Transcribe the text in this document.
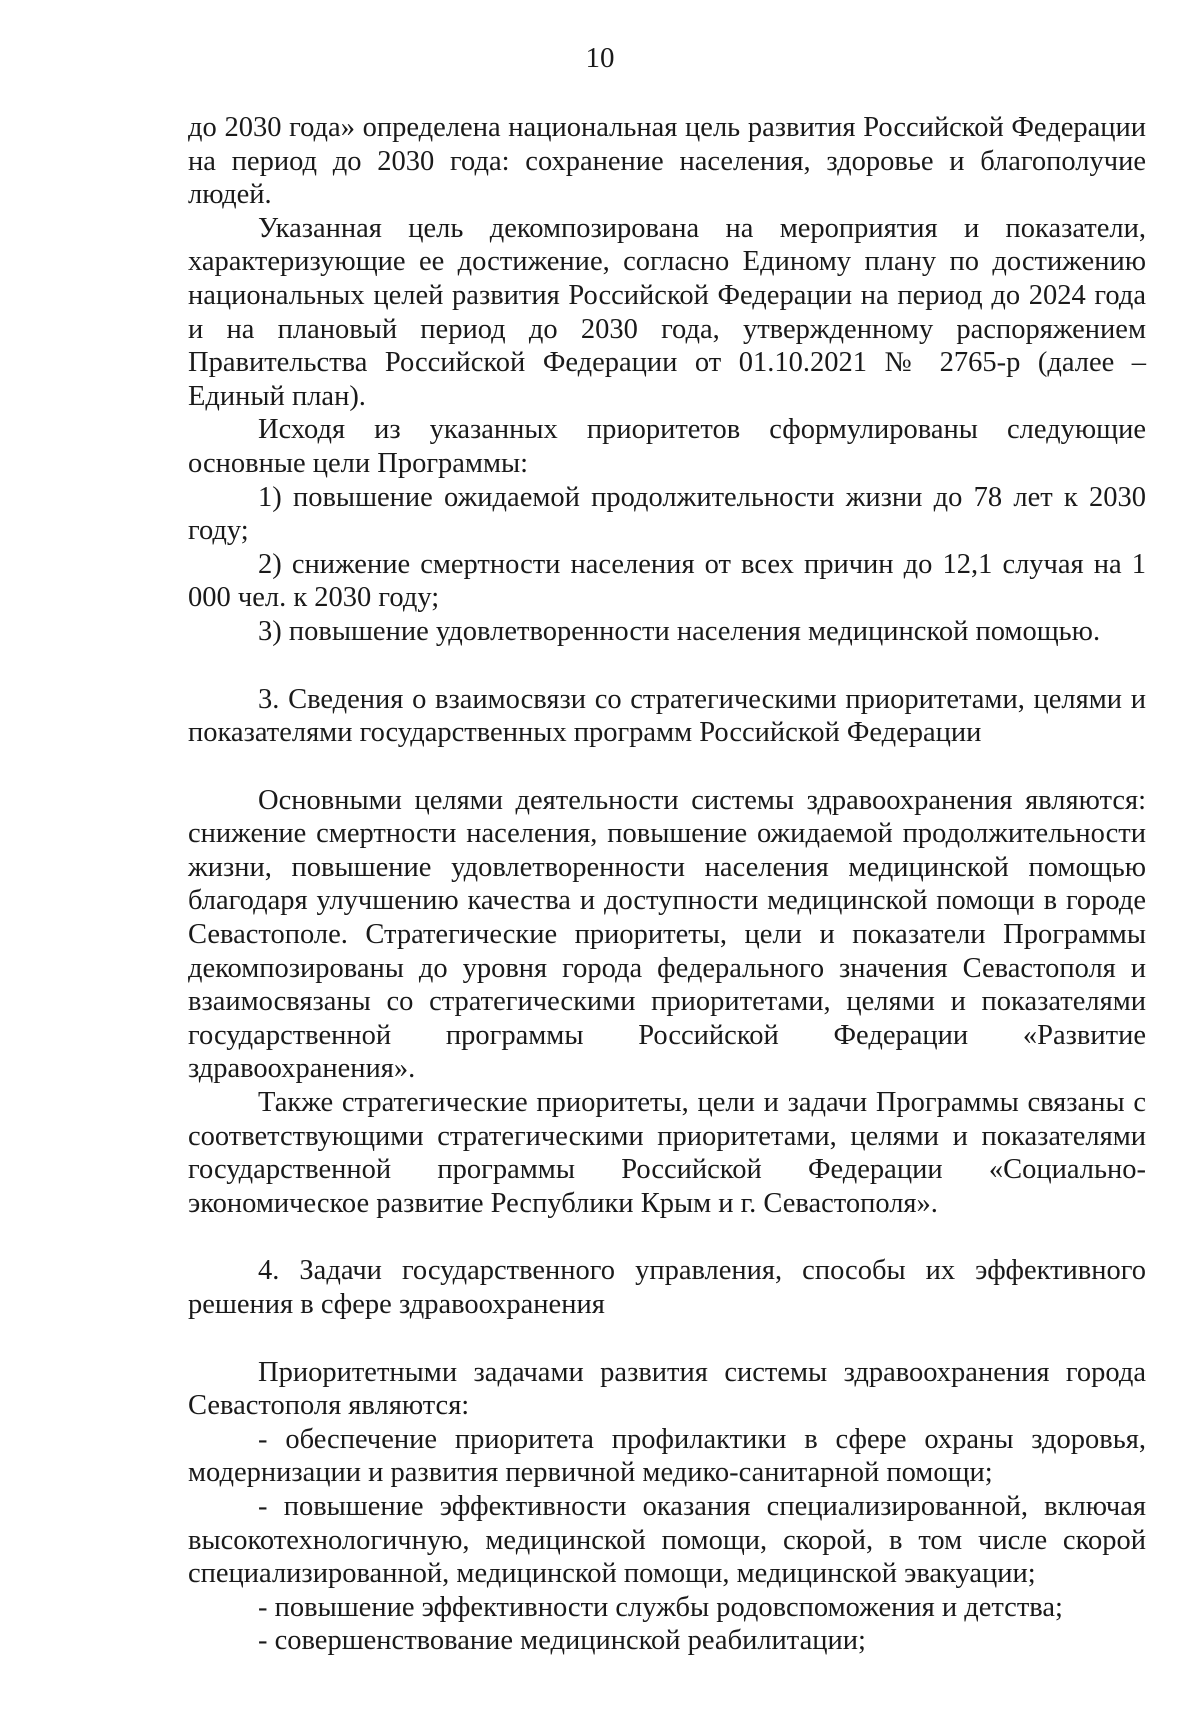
10

до 2030 года» определена национальная цель развития Российской Федерации на период до 2030 года: сохранение населения, здоровье и благополучие людей.

Указанная цель декомпозирована на мероприятия и показатели, характеризующие ее достижение, согласно Единому плану по достижению национальных целей развития Российской Федерации на период до 2024 года и на плановый период до 2030 года, утвержденному распоряжением Правительства Российской Федерации от 01.10.2021 № 2765-р (далее – Единый план).

Исходя из указанных приоритетов сформулированы следующие основные цели Программы:

1) повышение ожидаемой продолжительности жизни до 78 лет к 2030 году;

2) снижение смертности населения от всех причин до 12,1 случая на 1 000 чел. к 2030 году;

3) повышение удовлетворенности населения медицинской помощью.

3. Сведения о взаимосвязи со стратегическими приоритетами, целями и показателями государственных программ Российской Федерации

Основными целями деятельности системы здравоохранения являются: снижение смертности населения, повышение ожидаемой продолжительности жизни, повышение удовлетворенности населения медицинской помощью благодаря улучшению качества и доступности медицинской помощи в городе Севастополе. Стратегические приоритеты, цели и показатели Программы декомпозированы до уровня города федерального значения Севастополя и взаимосвязаны со стратегическими приоритетами, целями и показателями государственной программы Российской Федерации «Развитие здравоохранения».

Также стратегические приоритеты, цели и задачи Программы связаны с соответствующими стратегическими приоритетами, целями и показателями государственной программы Российской Федерации «Социально-экономическое развитие Республики Крым и г. Севастополя».

4. Задачи государственного управления, способы их эффективного решения в сфере здравоохранения

Приоритетными задачами развития системы здравоохранения города Севастополя являются:

- обеспечение приоритета профилактики в сфере охраны здоровья, модернизации и развития первичной медико-санитарной помощи;

- повышение эффективности оказания специализированной, включая высокотехнологичную, медицинской помощи, скорой, в том числе скорой специализированной, медицинской помощи, медицинской эвакуации;

- повышение эффективности службы родовспоможения и детства;

- совершенствование медицинской реабилитации;
